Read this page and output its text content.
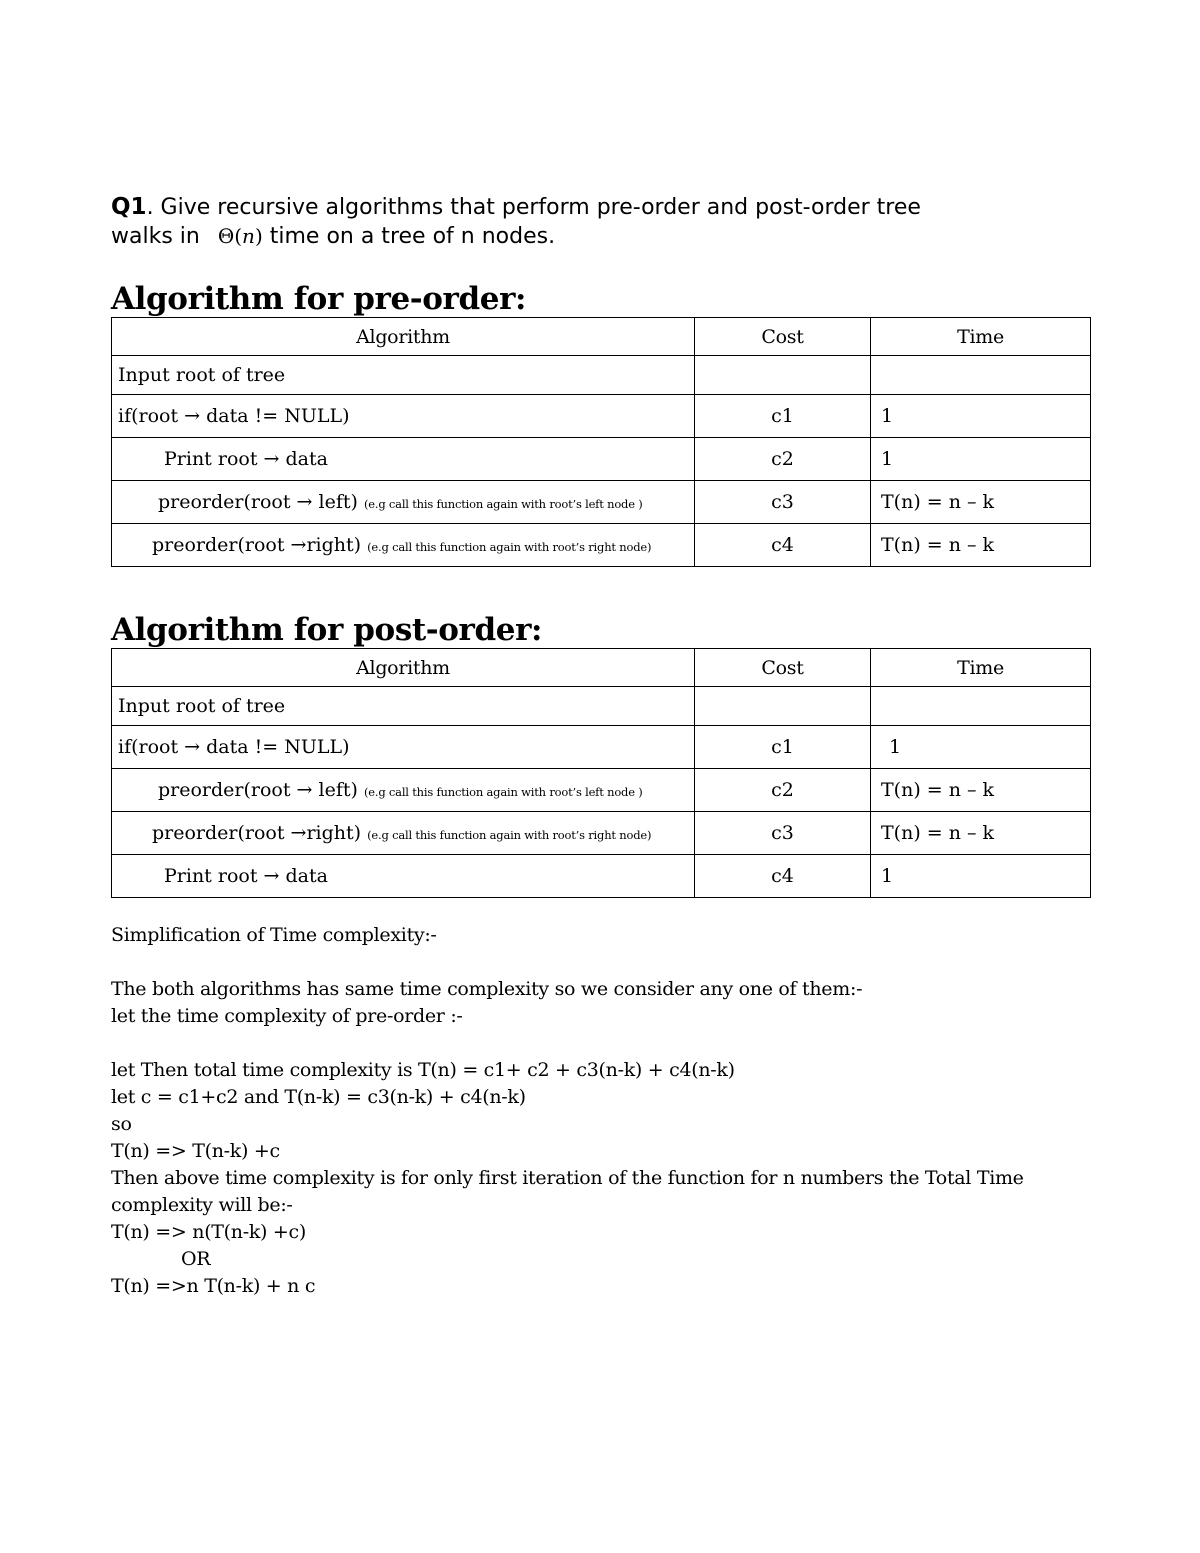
Q1. Give recursive algorithms that perform pre-order and post-order tree
walks in Θ(n) time on a tree of n nodes.

Algorithm for pre-order:
Algorithm	Cost	Time
Input root of tree		
if(root → data != NULL)	c1	1
Print root → data	c2	1
preorder(root → left) (e.g call this function again with root’s left node )	c3	T(n) = n – k
preorder(root →right) (e.g call this function again with root’s right node)	c4	T(n) = n – k
Algorithm for post-order:
Algorithm	Cost	Time
Input root of tree		
if(root → data != NULL)	c1	1
preorder(root → left) (e.g call this function again with root’s left node )	c2	T(n) = n – k
preorder(root →right) (e.g call this function again with root’s right node)	c3	T(n) = n – k
Print root → data	c4	1
Simplification of Time complexity:-
The both algorithms has same time complexity so we consider any one of them:-
let the time complexity of pre-order :-
let Then total time complexity is T(n) = c1+ c2 + c3(n-k) + c4(n-k)
let c = c1+c2 and T(n-k) = c3(n-k) + c4(n-k)
so
T(n) => T(n-k) +c
Then above time complexity is for only first iteration of the function for n numbers the Total Time
complexity will be:-
T(n) => n(T(n-k) +c)
OR
T(n) =>n T(n-k) + n c
